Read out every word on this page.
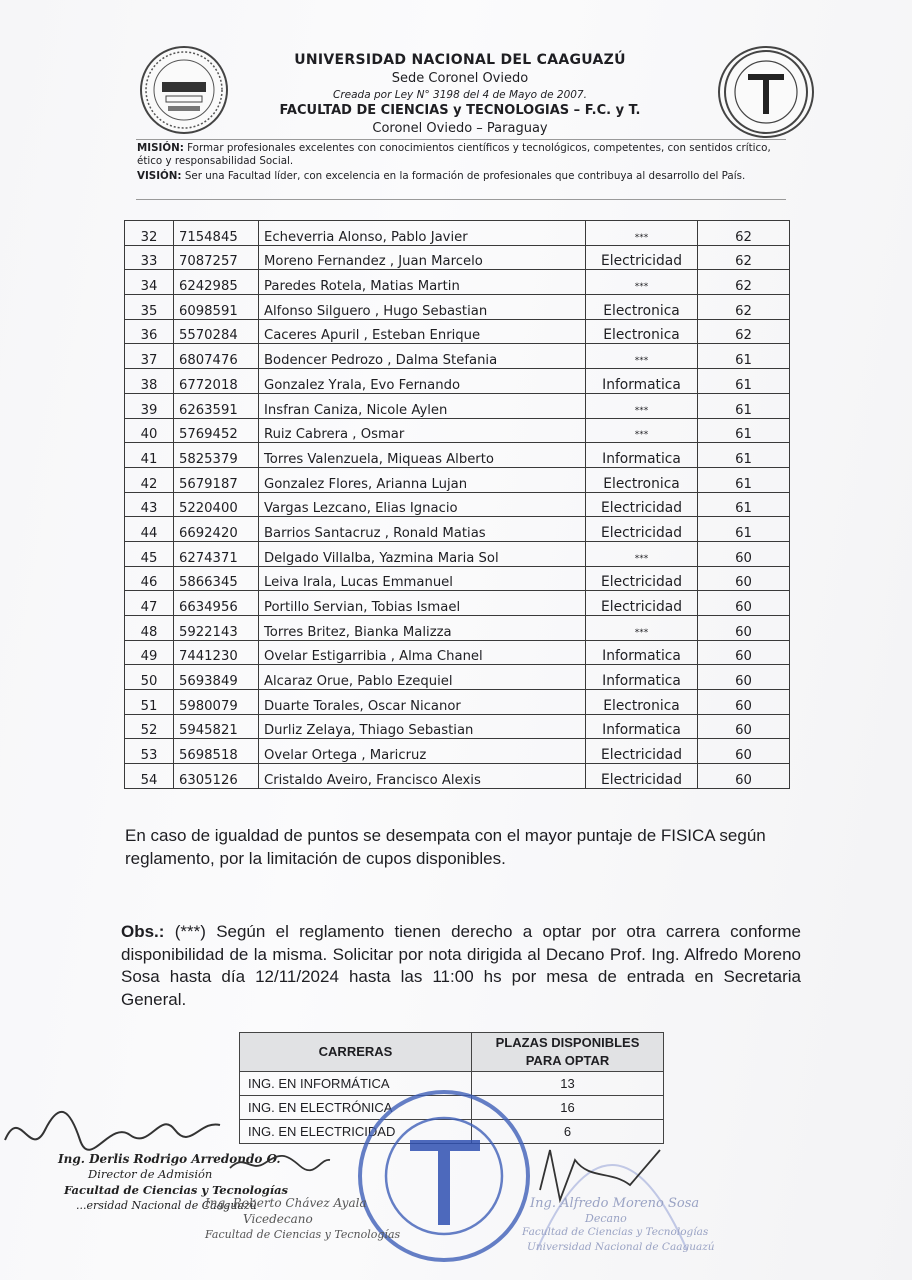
UNIVERSIDAD NACIONAL DEL CAAGUAZÚ
Sede Coronel Oviedo
Creada por Ley N° 3198 del 4 de Mayo de 2007.
FACULTAD DE CIENCIAS y TECNOLOGIAS – F.C. y T.
Coronel Oviedo – Paraguay
MISIÓN: Formar profesionales excelentes con conocimientos científicos y tecnológicos, competentes, con sentidos crítico, ético y responsabilidad Social.
VISIÓN: Ser una Facultad líder, con excelencia en la formación de profesionales que contribuya al desarrollo del País.
32	7154845	Echeverria Alonso, Pablo Javier	***	62
33	7087257	Moreno Fernandez , Juan Marcelo	Electricidad	62
34	6242985	Paredes Rotela, Matias Martin	***	62
35	6098591	Alfonso Silguero , Hugo Sebastian	Electronica	62
36	5570284	Caceres Apuril , Esteban Enrique	Electronica	62
37	6807476	Bodencer Pedrozo , Dalma Stefania	***	61
38	6772018	Gonzalez Yrala, Evo Fernando	Informatica	61
39	6263591	Insfran Caniza, Nicole Aylen	***	61
40	5769452	Ruiz Cabrera , Osmar	***	61
41	5825379	Torres Valenzuela, Miqueas Alberto	Informatica	61
42	5679187	Gonzalez Flores, Arianna Lujan	Electronica	61
43	5220400	Vargas Lezcano, Elias Ignacio	Electricidad	61
44	6692420	Barrios Santacruz , Ronald Matias	Electricidad	61
45	6274371	Delgado Villalba, Yazmina Maria Sol	***	60
46	5866345	Leiva Irala, Lucas Emmanuel	Electricidad	60
47	6634956	Portillo Servian, Tobias Ismael	Electricidad	60
48	5922143	Torres Britez, Bianka Malizza	***	60
49	7441230	Ovelar Estigarribia , Alma Chanel	Informatica	60
50	5693849	Alcaraz Orue, Pablo Ezequiel	Informatica	60
51	5980079	Duarte Torales, Oscar Nicanor	Electronica	60
52	5945821	Durliz Zelaya, Thiago Sebastian	Informatica	60
53	5698518	Ovelar Ortega , Maricruz	Electricidad	60
54	6305126	Cristaldo Aveiro, Francisco Alexis	Electricidad	60
En caso de igualdad de puntos se desempata con el mayor puntaje de FISICA según reglamento, por la limitación de cupos disponibles.
Obs.: (***) Según el reglamento tienen derecho a optar por otra carrera conforme disponibilidad de la misma. Solicitar por nota dirigida al Decano Prof. Ing. Alfredo Moreno Sosa hasta día 12/11/2024 hasta las 11:00 hs por mesa de entrada en Secretaria General.
CARRERAS	PLAZAS DISPONIBLES
PARA OPTAR
ING. EN INFORMÁTICA	13
ING. EN ELECTRÓNICA	16
ING. EN ELECTRICIDAD	6
Ing. Derlis Rodrigo Arredondo O.
Director de Admisión
Facultad de Ciencias y Tecnologías
...ersidad Nacional de Caaguazú
Ing. Roberto Chávez Ayala
Vicedecano
Facultad de Ciencias y Tecnologías
Ing. Alfredo Moreno Sosa
Decano
Facultad de Ciencias y Tecnologías
Universidad Nacional de Caaguazú
